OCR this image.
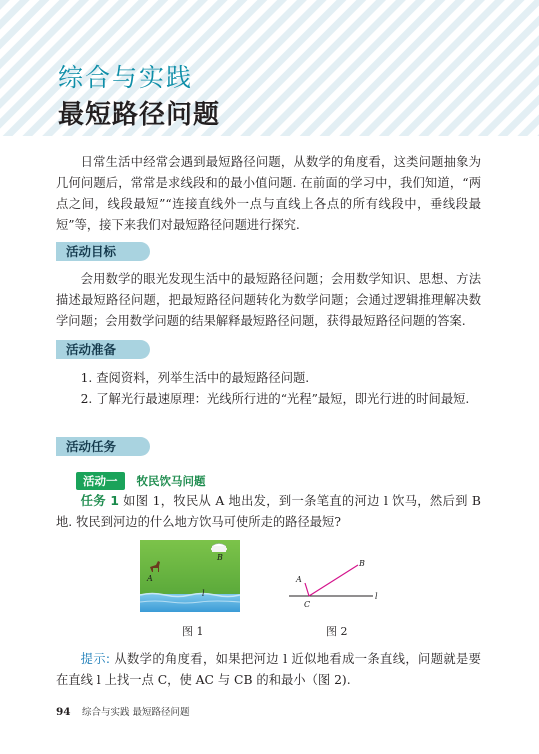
综合与实践
最短路径问题
日常生活中经常会遇到最短路径问题，从数学的角度看，这类问题抽象为几何问题后，常常是求线段和的最小值问题. 在前面的学习中，我们知道，“两点之间，线段最短”“连接直线外一点与直线上各点的所有线段中，垂线段最短”等，接下来我们对最短路径问题进行探究.
活动目标
会用数学的眼光发现生活中的最短路径问题；会用数学知识、思想、方法描述最短路径问题，把最短路径问题转化为数学问题；会通过逻辑推理解决数学问题；会用数学问题的结果解释最短路径问题，获得最短路径问题的答案.
活动准备

1. 查阅资料，列举生活中的最短路径问题.

2. 了解光行最速原理：光线所行进的“光程”最短，即光行进的时间最短.

活动任务
活动一	牧民饮马问题
任务 1 如图 1，牧民从 A 地出发，到一条笔直的河边 l 饮马，然后到 B 地. 牧民到河边的什么地方饮马可使所走的路径最短?
B
A
l
图 1
A
B
C
l
图 2
提示: 从数学的角度看，如果把河边 l 近似地看成一条直线，问题就是要在直线 l 上找一点 C，使 AC 与 CB 的和最小（图 2).
94 综合与实践 最短路径问题
